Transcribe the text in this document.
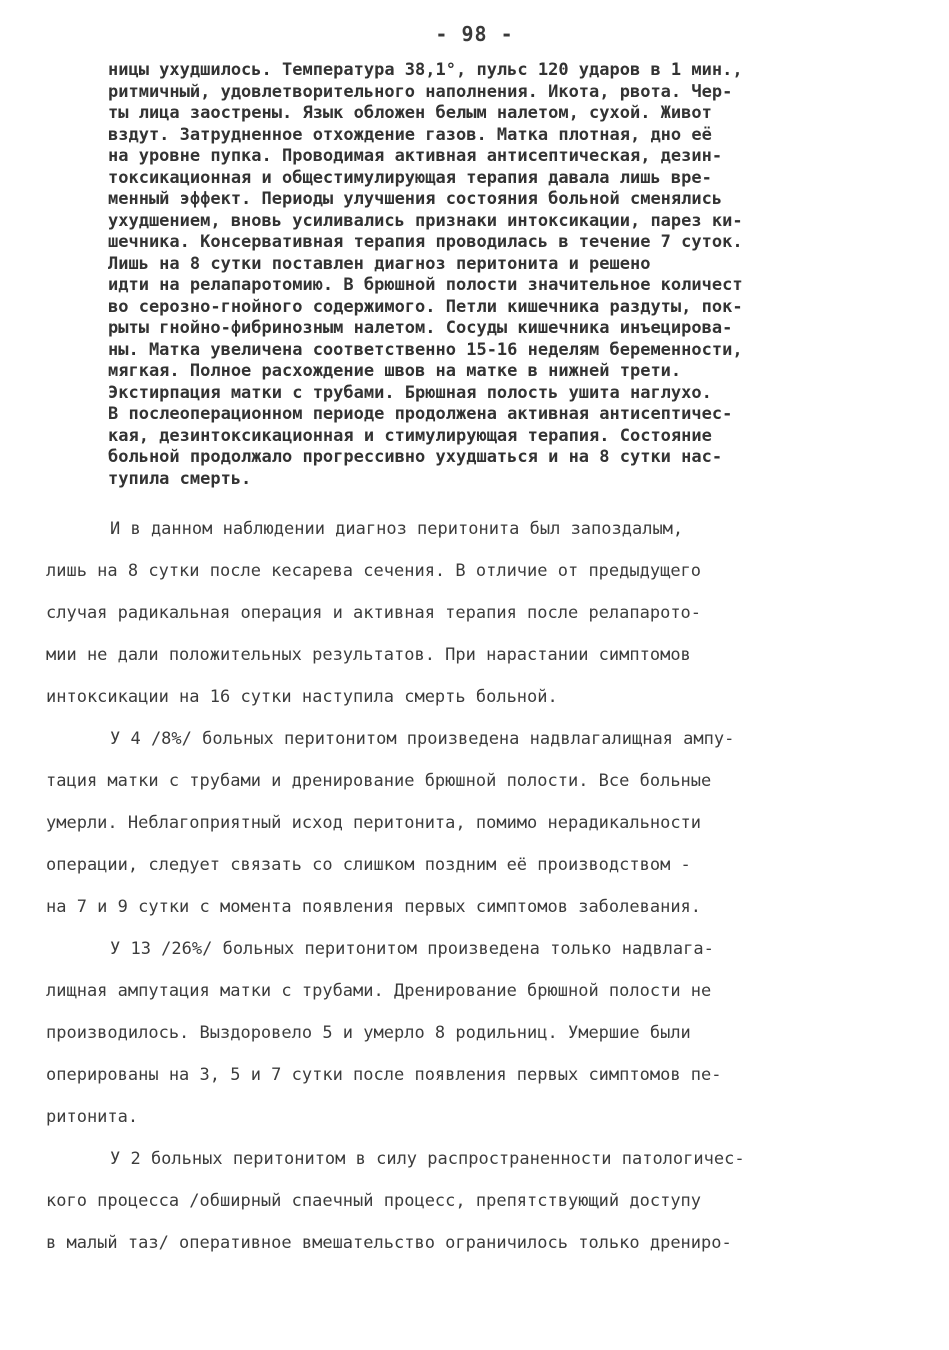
- 98 -
ницы ухудшилось. Температура 38,1°, пульс 120 ударов в 1 мин.,
ритмичный, удовлетворительного наполнения. Икота, рвота. Чер-
ты лица заострены. Язык обложен белым налетом, сухой. Живот
вздут. Затрудненное отхождение газов. Матка плотная, дно её
на уровне пупка. Проводимая активная антисептическая, дезин-
токсикационная и общестимулирующая терапия давала лишь вре-
менный эффект. Периоды улучшения состояния больной сменялись
ухудшением, вновь усиливались признаки интоксикации, парез ки-
шечника. Консервативная терапия проводилась в течение 7 суток.
Лишь на 8 сутки поставлен диагноз перитонита и решено
идти на релапаротомию. В брюшной полости значительное количест
во серозно-гнойного содержимого. Петли кишечника раздуты, пок-
рыты гнойно-фибринозным налетом. Сосуды кишечника инъецирова-
ны. Матка увеличена соответственно 15-16 неделям беременности,
мягкая. Полное расхождение швов на матке в нижней трети.
Экстирпация матки с трубами. Брюшная полость ушита наглухо.
В послеоперационном периоде продолжена активная антисептичес-
кая, дезинтоксикационная и стимулирующая терапия. Состояние
больной продолжало прогрессивно ухудшаться и на 8 сутки нас-
тупила смерть.
И в данном наблюдении диагноз перитонита был запоздалым,
лишь на 8 сутки после кесарева сечения. В отличие от предыдущего
случая радикальная операция и активная терапия после релапарото-
мии не дали положительных результатов. При нарастании симптомов
интоксикации на 16 сутки наступила смерть больной.
У 4 /8%/ больных перитонитом произведена надвлагалищная ампу-
тация матки с трубами и дренирование брюшной полости. Все больные
умерли. Неблагоприятный исход перитонита, помимо нерадикальности
операции, следует связать со слишком поздним её производством -
на 7 и 9 сутки с момента появления первых симптомов заболевания.
У 13 /26%/ больных перитонитом произведена только надвлага-
лищная ампутация матки с трубами. Дренирование брюшной полости не
производилось. Выздоровело 5 и умерло 8 родильниц. Умершие были
оперированы на 3, 5 и 7 сутки после появления первых симптомов пе-
ритонита.
У 2 больных перитонитом в силу распространенности патологичес-
кого процесса /обширный спаечный процесс, препятствующий доступу
в малый таз/ оперативное вмешательство ограничилось только дрениро-
